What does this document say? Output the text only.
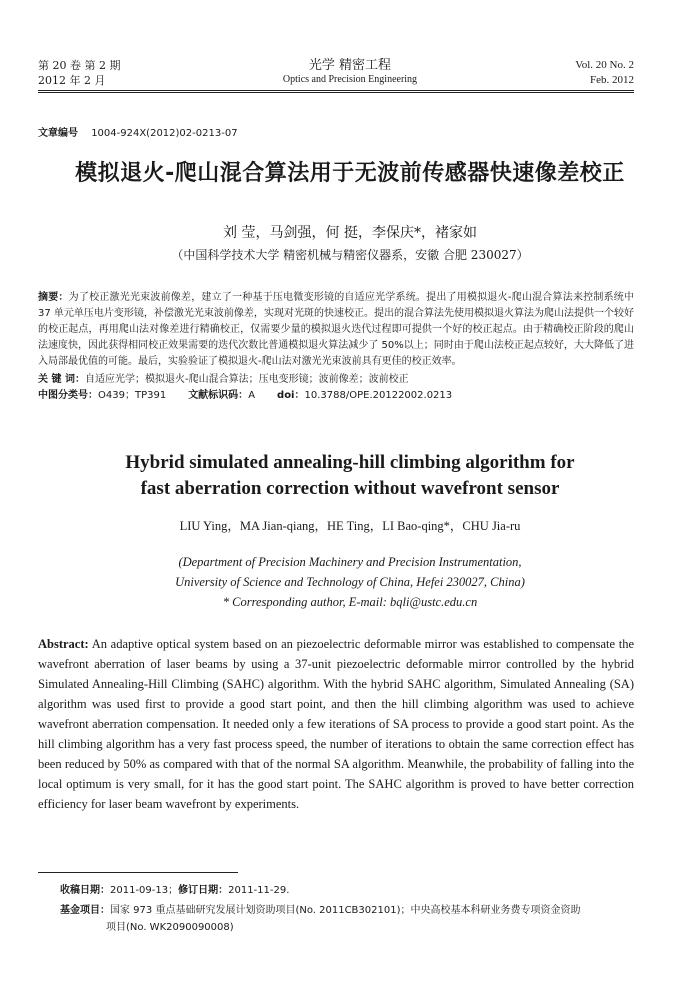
第 20 卷 第 2 期
2012 年 2 月
光学 精密工程
Optics and Precision Engineering
Vol. 20 No. 2
Feb. 2012
文章编号 1004-924X(2012)02-0213-07
模拟退火-爬山混合算法用于无波前传感器快速像差校正
刘 莹，马剑强，何 挺，李保庆*，褚家如
（中国科学技术大学 精密机械与精密仪器系，安徽 合肥 230027）
摘要：为了校正激光光束波前像差，建立了一种基于压电微变形镜的自适应光学系统。提出了用模拟退火-爬山混合算法来控制系统中 37 单元单压电片变形镜，补偿激光光束波前像差，实现对光斑的快速校正。提出的混合算法先使用模拟退火算法为爬山法提供一个较好的校正起点，再用爬山法对像差进行精确校正，仅需要少量的模拟退火迭代过程即可提供一个好的校正起点。由于精确校正阶段的爬山法速度快，因此获得相同校正效果需要的迭代次数比普通模拟退火算法减少了 50%以上；同时由于爬山法校正起点较好，大大降低了进入局部最优值的可能。最后，实验验证了模拟退火-爬山法对激光光束波前具有更佳的校正效率。
关 键 词：自适应光学；模拟退火-爬山混合算法；压电变形镜；波前像差；波前校正
中图分类号：O439；TP391 文献标识码：A doi：10.3788/OPE.20122002.0213
Hybrid simulated annealing-hill climbing algorithm for
fast aberration correction without wavefront sensor
LIU Ying，MA Jian-qiang，HE Ting，LI Bao-qing*，CHU Jia-ru
(Department of Precision Machinery and Precision Instrumentation,
University of Science and Technology of China, Hefei 230027, China)
* Corresponding author, E-mail: bqli@ustc.edu.cn
Abstract: An adaptive optical system based on an piezoelectric deformable mirror was established to compensate the wavefront aberration of laser beams by using a 37-unit piezoelectric deformable mirror controlled by the hybrid Simulated Annealing-Hill Climbing (SAHC) algorithm. With the hybrid SAHC algorithm, Simulated Annealing (SA) algorithm was used first to provide a good start point, and then the hill climbing algorithm was used to achieve wavefront aberration compensation. It needed only a few iterations of SA process to provide a good start point. As the hill climbing algorithm has a very fast process speed, the number of iterations to obtain the same correction effect has been reduced by 50% as compared with that of the normal SA algorithm. Meanwhile, the probability of falling into the local optimum is very small, for it has the good start point. The SAHC algorithm is proved to have better correction efficiency for laser beam wavefront by experiments.
收稿日期：2011-09-13；修订日期：2011-11-29.
基金项目：国家 973 重点基础研究发展计划资助项目(No. 2011CB302101)；中央高校基本科研业务费专项资金资助
项目(No. WK2090090008)
